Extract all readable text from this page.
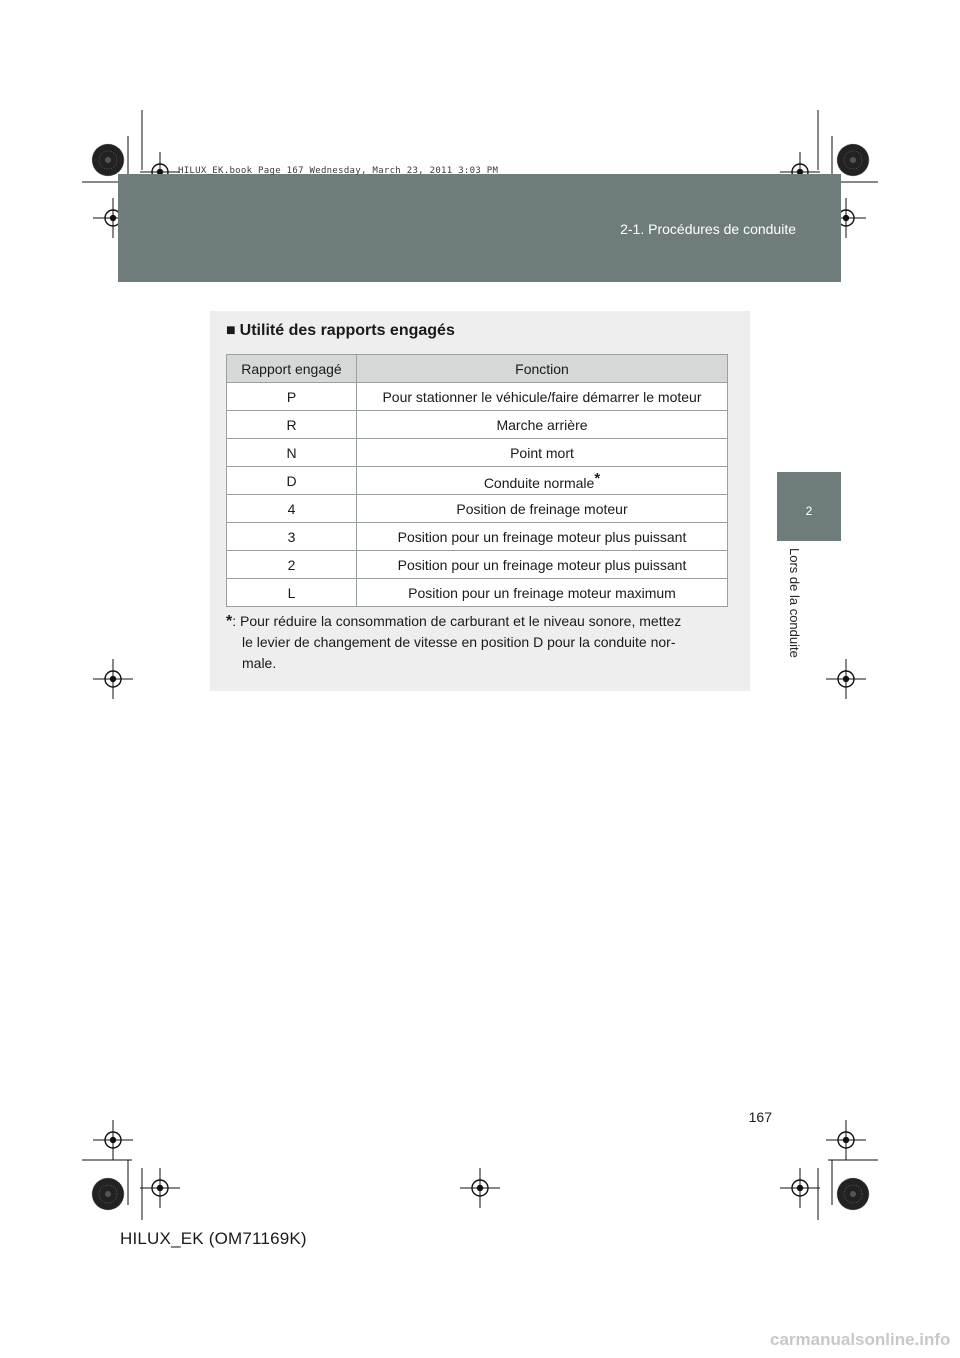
HILUX_EK.book Page 167 Wednesday, March 23, 2011 3:03 PM
2-1. Procédures de conduite
2
Lors de la conduite
■ Utilité des rapports engagés
Rapport engagé	Fonction
P	Pour stationner le véhicule/faire démarrer le moteur
R	Marche arrière
N	Point mort
D	Conduite normale*
4	Position de freinage moteur
3	Position pour un freinage moteur plus puissant
2	Position pour un freinage moteur plus puissant
L	Position pour un freinage moteur maximum
*: Pour réduire la consommation de carburant et le niveau sonore, mettez
le levier de changement de vitesse en position D pour la conduite nor-
male.
167
HILUX_EK (OM71169K)
carmanualsonline.info
